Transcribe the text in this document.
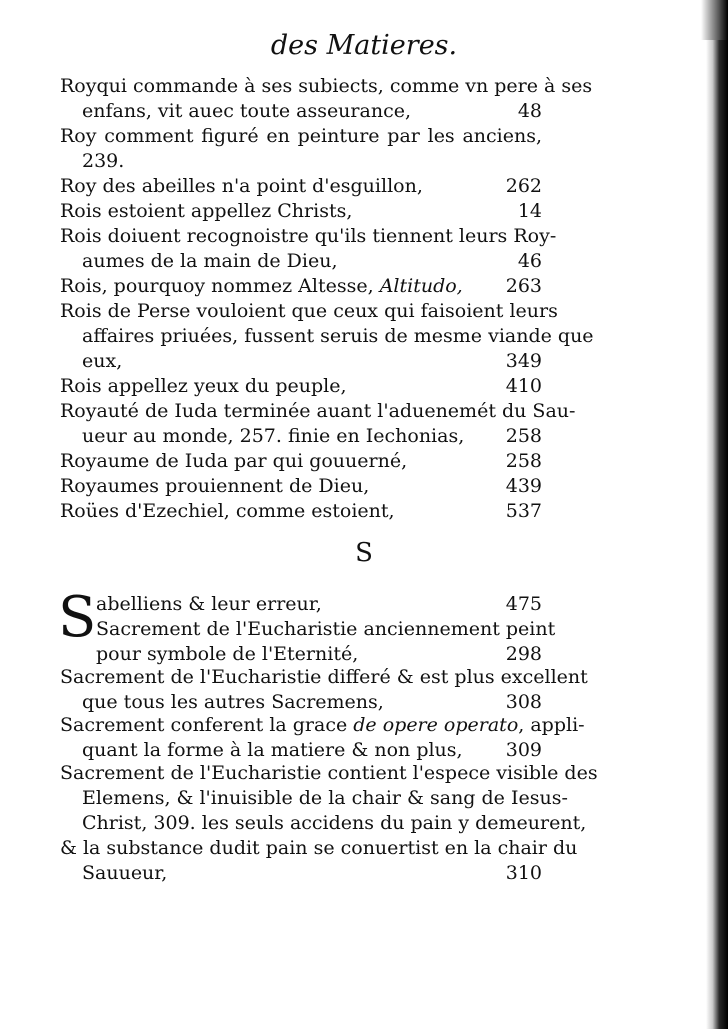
des Matieres.
Royqui commande à ses subiects, comme vn pere à ses
enfans, vit auec toute asseurance,	48
Roy comment figuré en peinture par les anciens,
239.
Roy des abeilles n'a point d'esguillon,	262
Rois estoient appellez Christs,	14
Rois doiuent recognoistre qu'ils tiennent leurs Roy-
aumes de la main de Dieu,	46
Rois, pourquoy nommez Altesse, Altitudo, 263
Rois de Perse vouloient que ceux qui faisoient leurs
affaires priuées, fussent seruis de mesme viande que
eux,	349
Rois appellez yeux du peuple,	410
Royauté de Iuda terminée auant l'aduenemét du Sau-
ueur au monde, 257. finie en Iechonias, 258
Royaume de Iuda par qui gouuerné,	258
Royaumes prouiennent de Dieu,	439
Roües d'Ezechiel, comme estoient,	537
S
S abelliens & leur erreur,	475
Sacrement de l'Eucharistie anciennement peint
pour symbole de l'Eternité,	298
Sacrement de l'Eucharistie differé & est plus excellent
que tous les autres Sacremens,	308
Sacrement conferent la grace de opere operato, appli-
quant la forme à la matiere & non plus, 309
Sacrement de l'Eucharistie contient l'espece visible des
Elemens, & l'inuisible de la chair & sang de Iesus-
Christ, 309. les seuls accidens du pain y demeurent,
& la substance dudit pain se conuertist en la chair du
Sauueur,	310
